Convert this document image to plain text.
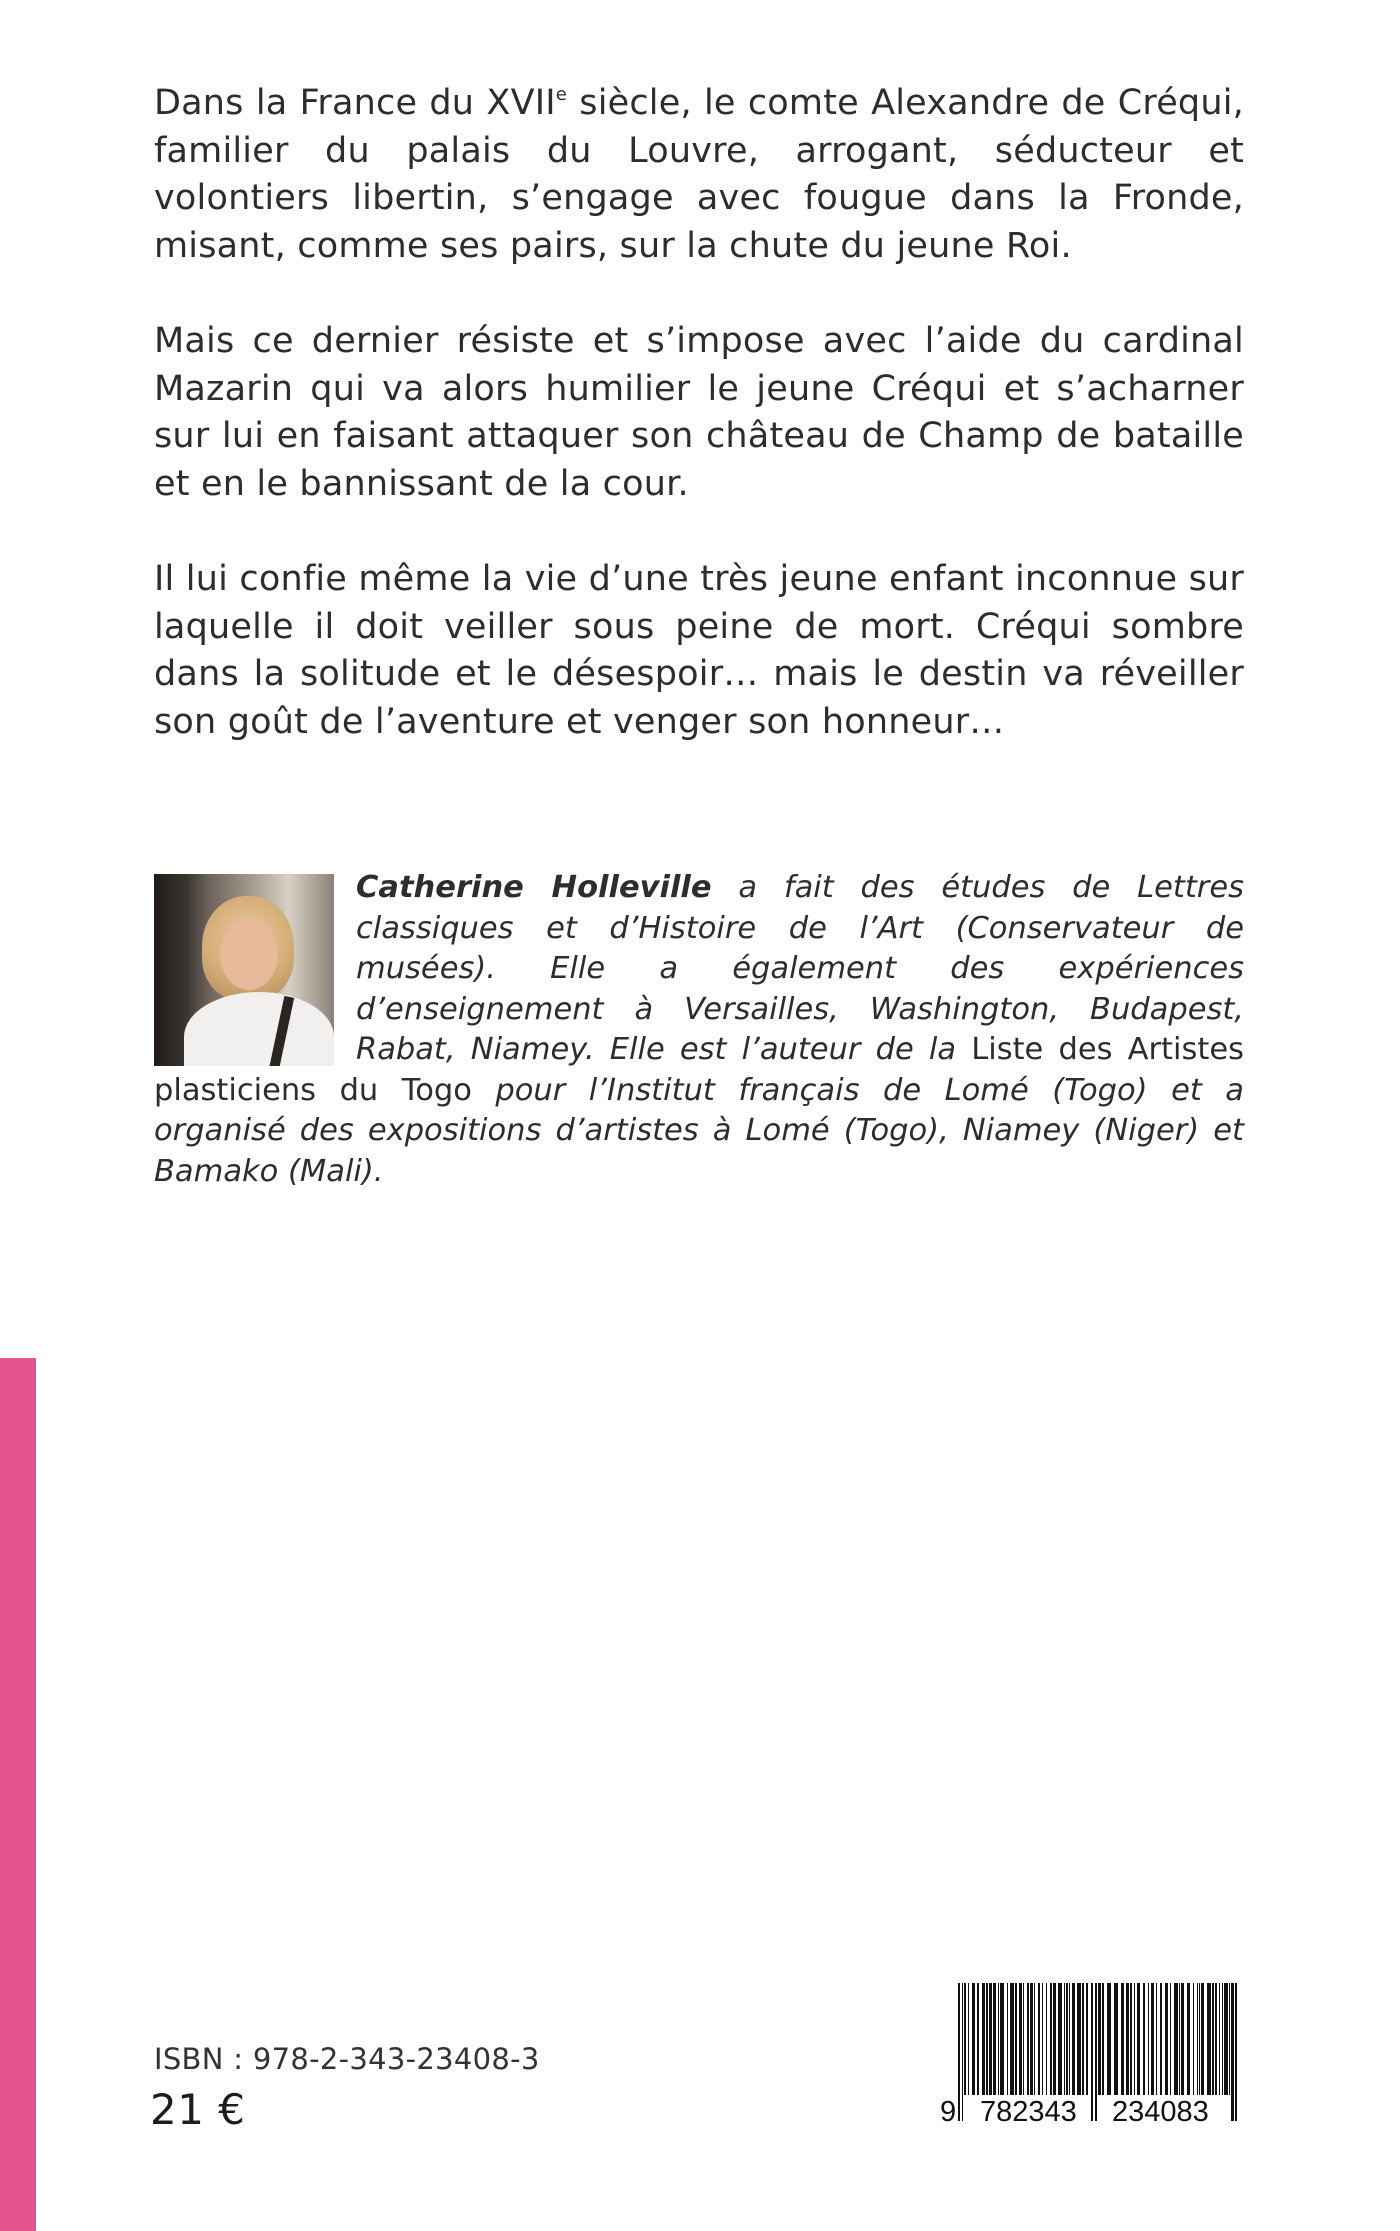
Dans la France du XVIIe siècle, le comte Alexandre de Créqui, familier du palais du Louvre, arrogant, séducteur et volontiers libertin, s’engage avec fougue dans la Fronde, misant, comme ses pairs, sur la chute du jeune Roi.

Mais ce dernier résiste et s’impose avec l’aide du cardinal Mazarin qui va alors humilier le jeune Créqui et s’acharner sur lui en faisant attaquer son château de Champ de bataille et en le bannissant de la cour.

Il lui confie même la vie d’une très jeune enfant inconnue sur laquelle il doit veiller sous peine de mort. Créqui sombre dans la solitude et le désespoir… mais le destin va réveiller son goût de l’aventure et venger son honneur…

Catherine Holleville a fait des études de Lettres classiques et d’Histoire de l’Art (Conservateur de musées). Elle a également des expériences d’enseignement à Versailles, Washington, Budapest, Rabat, Niamey. Elle est l’auteur de la Liste des Artistes plasticiens du Togo pour l’Institut français de Lomé (Togo) et a organisé des expositions d’artistes à Lomé (Togo), Niamey (Niger) et Bamako (Mali).
ISBN : 978-2-343-23408-3
21 €	9 782343 234083
